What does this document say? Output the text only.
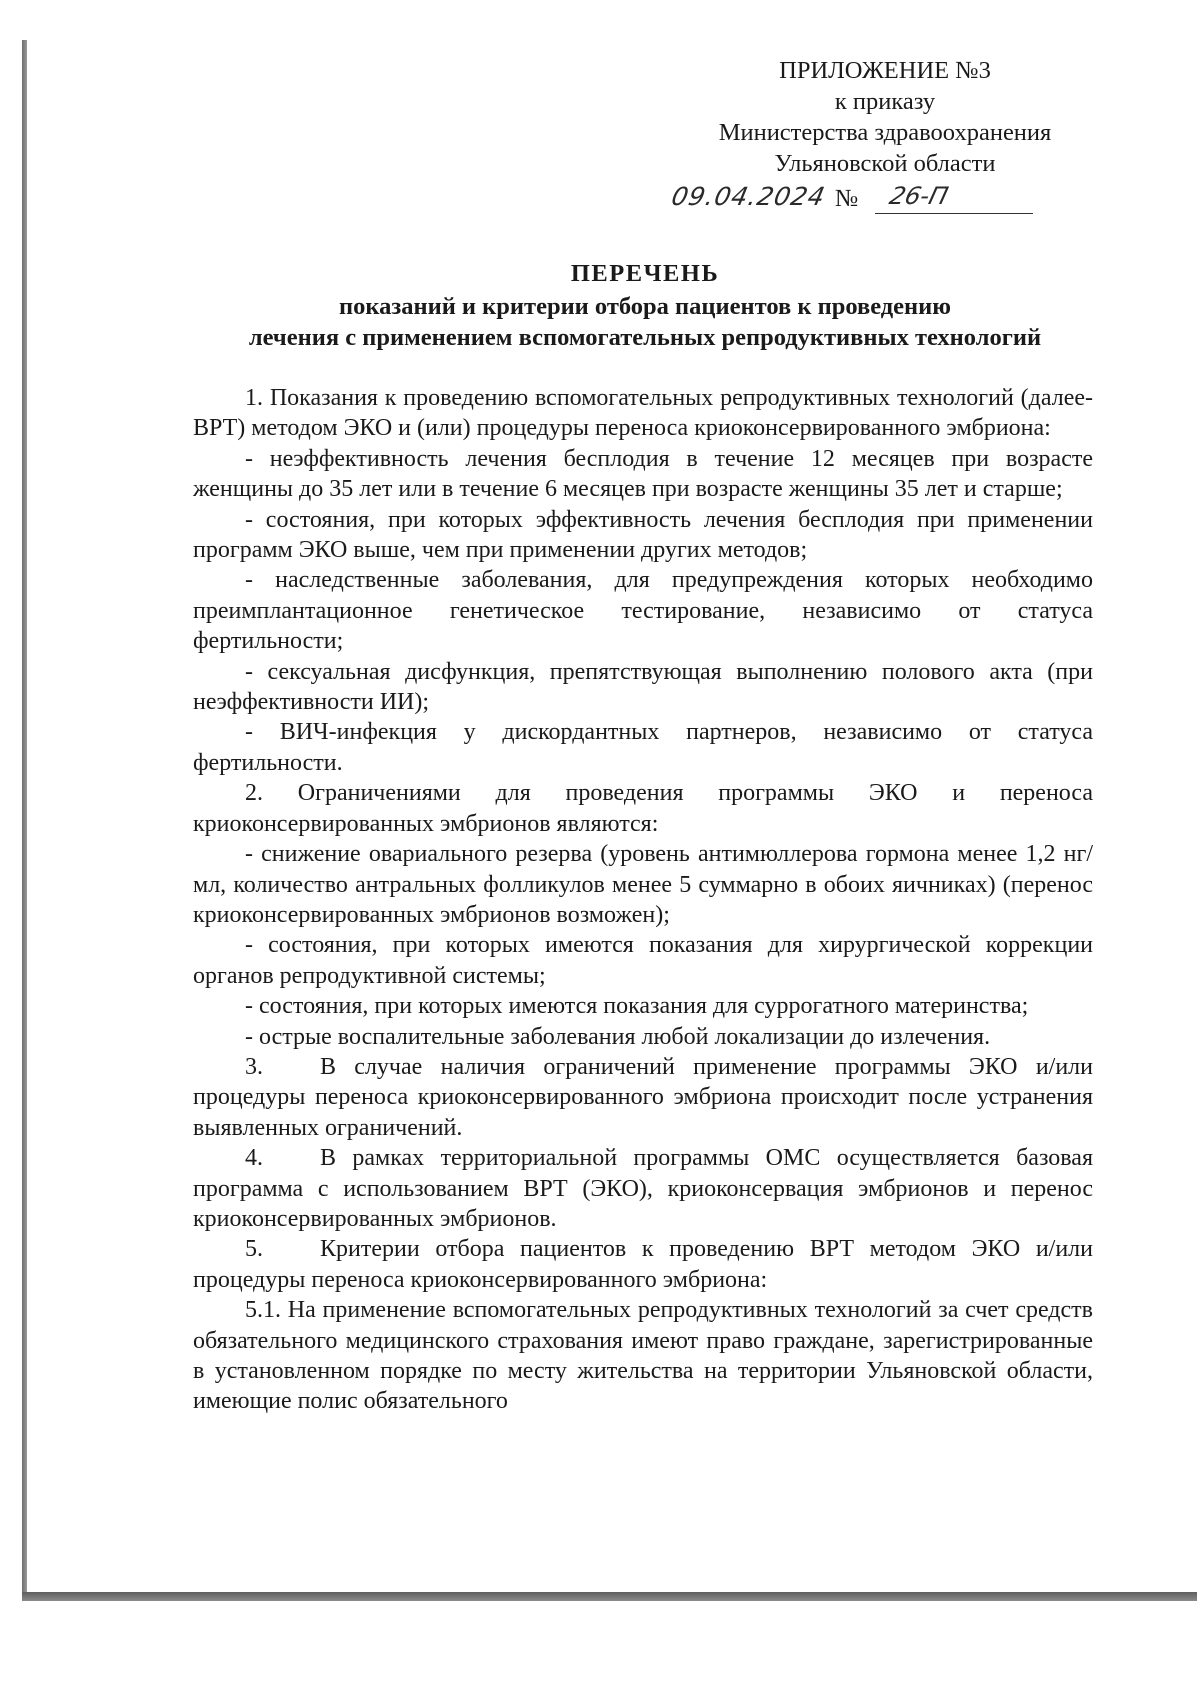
ПРИЛОЖЕНИЕ №3
к приказу
Министерства здравоохранения
Ульяновской области
09.04.2024 № 26-П
ПЕРЕЧЕНЬ
показаний и критерии отбора пациентов к проведению
лечения с применением вспомогательных репродуктивных технологий

1. Показания к проведению вспомогательных репродуктивных технологий (далее-ВРТ) методом ЭКО и (или) процедуры переноса криоконсервированного эмбриона:

- неэффективность лечения бесплодия в течение 12 месяцев при возрасте женщины до 35 лет или в течение 6 месяцев при возрасте женщины 35 лет и старше;

- состояния, при которых эффективность лечения бесплодия при применении программ ЭКО выше, чем при применении других методов;

- наследственные заболевания, для предупреждения которых необходимо преимплантационное генетическое тестирование, независимо от статуса фертильности;

- сексуальная дисфункция, препятствующая выполнению полового акта (при неэффективности ИИ);

- ВИЧ-инфекция у дискордантных партнеров, независимо от статуса фертильности.

2. Ограничениями для проведения программы ЭКО и переноса криоконсервированных эмбрионов являются:

- снижение овариального резерва (уровень антимюллерова гормона менее 1,2 нг/мл, количество антральных фолликулов менее 5 суммарно в обоих яичниках) (перенос криоконсервированных эмбрионов возможен);

- состояния, при которых имеются показания для хирургической коррекции органов репродуктивной системы;

- состояния, при которых имеются показания для суррогатного материнства;

- острые воспалительные заболевания любой локализации до излечения.

3. В случае наличия ограничений применение программы ЭКО и/или процедуры переноса криоконсервированного эмбриона происходит после устранения выявленных ограничений.

4. В рамках территориальной программы ОМС осуществляется базовая программа с использованием ВРТ (ЭКО), криоконсервация эмбрионов и перенос криоконсервированных эмбрионов.

5. Критерии отбора пациентов к проведению ВРТ методом ЭКО и/или процедуры переноса криоконсервированного эмбриона:

5.1. На применение вспомогательных репродуктивных технологий за счет средств обязательного медицинского страхования имеют право граждане, зарегистрированные в установленном порядке по месту жительства на территории Ульяновской области, имеющие полис обязательного
